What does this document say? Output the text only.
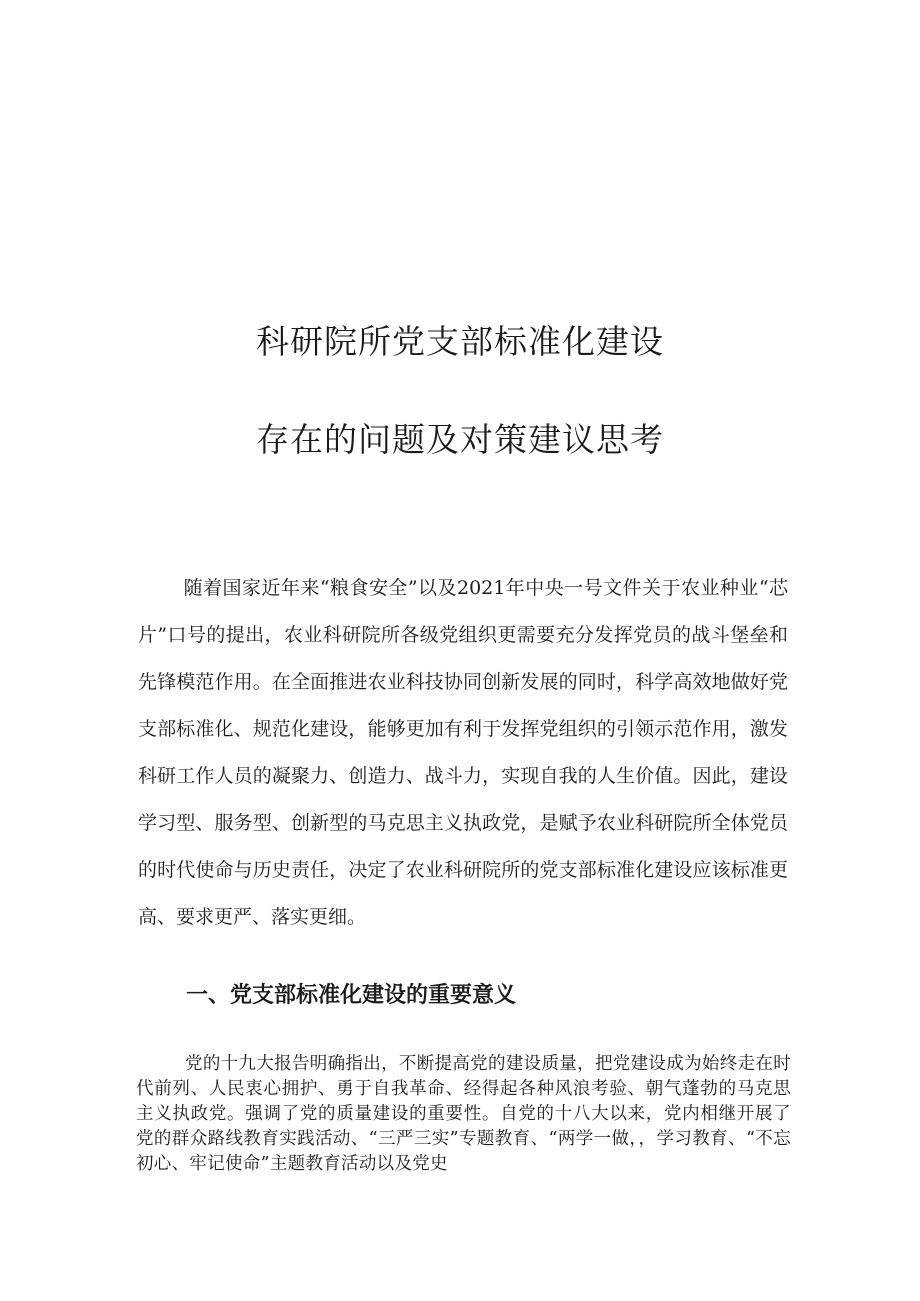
科研院所党支部标准化建设
存在的问题及对策建议思考

随着国家近年来“粮食安全”以及2021年中央一号文件关于农业种业“芯片”口号的提出，农业科研院所各级党组织更需要充分发挥党员的战斗堡垒和先锋模范作用。在全面推进农业科技协同创新发展的同时，科学高效地做好党支部标准化、规范化建设，能够更加有利于发挥党组织的引领示范作用，激发科研工作人员的凝聚力、创造力、战斗力，实现自我的人生价值。因此，建设学习型、服务型、创新型的马克思主义执政党，是赋予农业科研院所全体党员的时代使命与历史责任，决定了农业科研院所的党支部标准化建设应该标准更高、要求更严、落实更细。

一、党支部标准化建设的重要意义

党的十九大报告明确指出，不断提高党的建设质量，把党建设成为始终走在时代前列、人民衷心拥护、勇于自我革命、经得起各种风浪考验、朝气蓬勃的马克思主义执政党。强调了党的质量建设的重要性。自党的十八大以来，党内相继开展了党的群众路线教育实践活动、“三严三实”专题教育、“两学一做，，学习教育、“不忘初心、牢记使命”主题教育活动以及党史
